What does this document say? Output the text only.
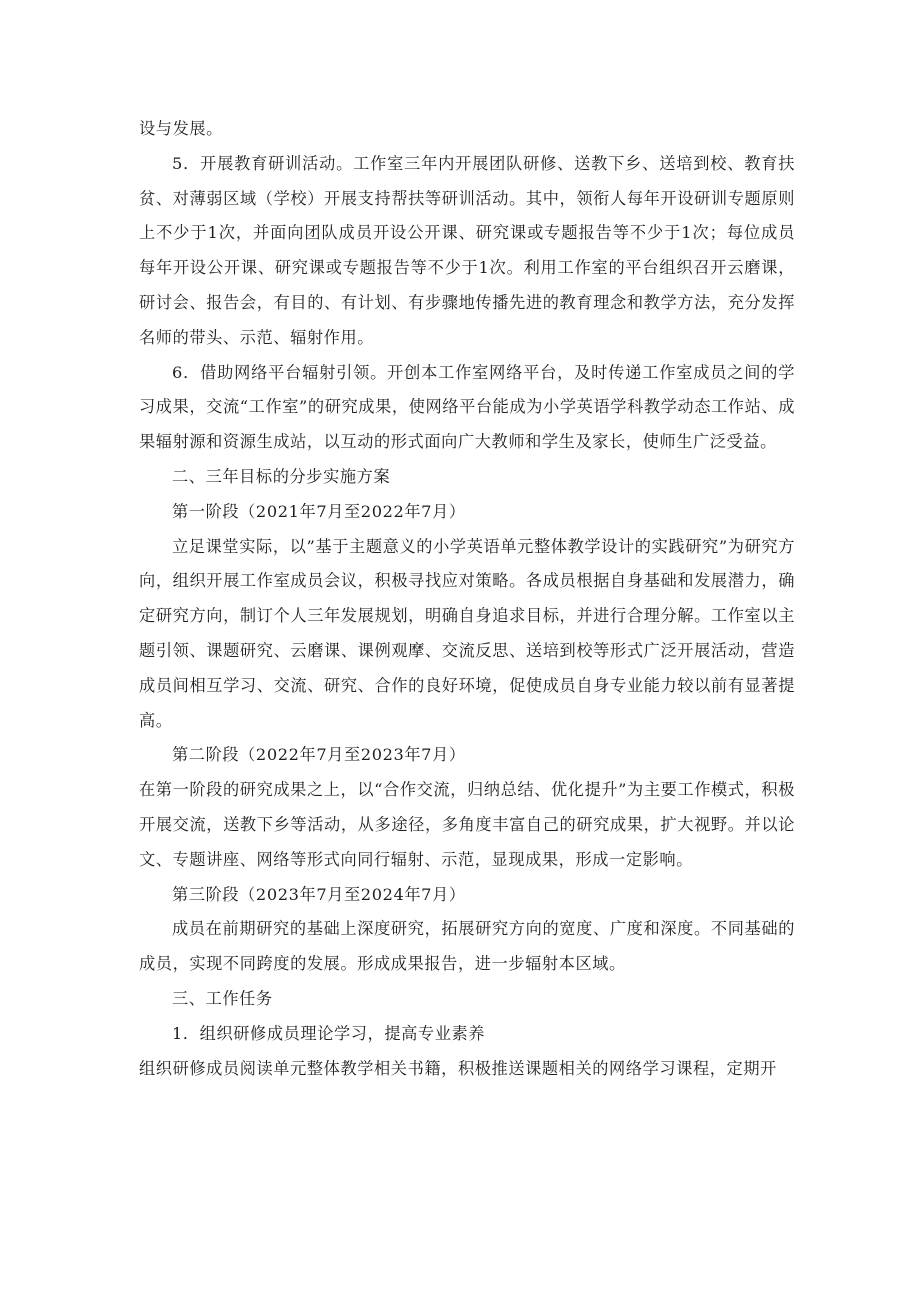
设与发展。

5．开展教育研训活动。工作室三年内开展团队研修、送教下乡、送培到校、教育扶贫、对薄弱区域（学校）开展支持帮扶等研训活动。其中，领衔人每年开设研训专题原则上不少于1次，并面向团队成员开设公开课、研究课或专题报告等不少于1次；每位成员每年开设公开课、研究课或专题报告等不少于1次。利用工作室的平台组织召开云磨课，研讨会、报告会，有目的、有计划、有步骤地传播先进的教育理念和教学方法，充分发挥名师的带头、示范、辐射作用。

6．借助网络平台辐射引领。开创本工作室网络平台，及时传递工作室成员之间的学习成果，交流“工作室”的研究成果，使网络平台能成为小学英语学科教学动态工作站、成果辐射源和资源生成站，以互动的形式面向广大教师和学生及家长，使师生广泛受益。

二、三年目标的分步实施方案

第一阶段（2021年7月至2022年7月）

立足课堂实际，以”基于主题意义的小学英语单元整体教学设计的实践研究”为研究方向，组织开展工作室成员会议，积极寻找应对策略。各成员根据自身基础和发展潜力，确定研究方向，制订个人三年发展规划，明确自身追求目标，并进行合理分解。工作室以主题引领、课题研究、云磨课、课例观摩、交流反思、送培到校等形式广泛开展活动，营造成员间相互学习、交流、研究、合作的良好环境，促使成员自身专业能力较以前有显著提高。

第二阶段（2022年7月至2023年7月）

在第一阶段的研究成果之上，以“合作交流，归纳总结、优化提升”为主要工作模式，积极开展交流，送教下乡等活动，从多途径，多角度丰富自己的研究成果，扩大视野。并以论文、专题讲座、网络等形式向同行辐射、示范，显现成果，形成一定影响。

第三阶段（2023年7月至2024年7月）

成员在前期研究的基础上深度研究，拓展研究方向的宽度、广度和深度。不同基础的成员，实现不同跨度的发展。形成成果报告，进一步辐射本区域。

三、工作任务

1．组织研修成员理论学习，提高专业素养

组织研修成员阅读单元整体教学相关书籍，积极推送课题相关的网络学习课程，定期开
